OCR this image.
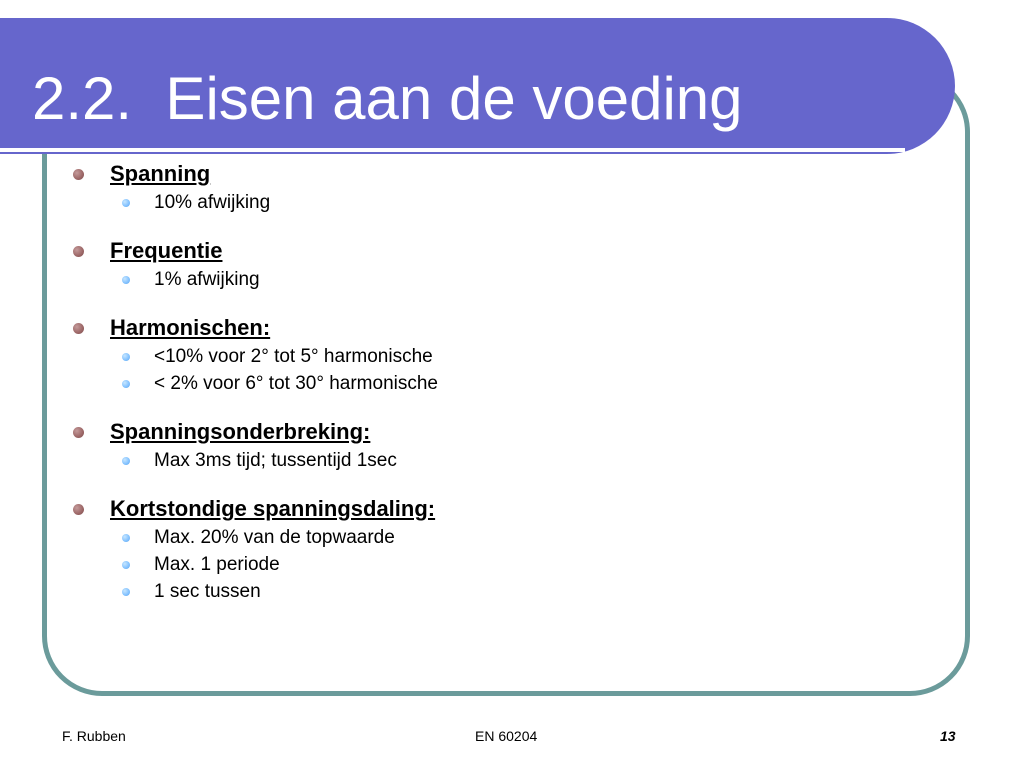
2.2.  Eisen aan de voeding
Spanning
10% afwijking
Frequentie
1% afwijking
Harmonischen:
<10% voor 2° tot 5° harmonische
< 2% voor 6° tot 30° harmonische
Spanningsonderbreking:
Max 3ms tijd; tussentijd 1sec
Kortstondige spanningsdaling:
Max. 20% van de topwaarde
Max. 1 periode
1 sec tussen
F. Rubben	EN 60204	13
